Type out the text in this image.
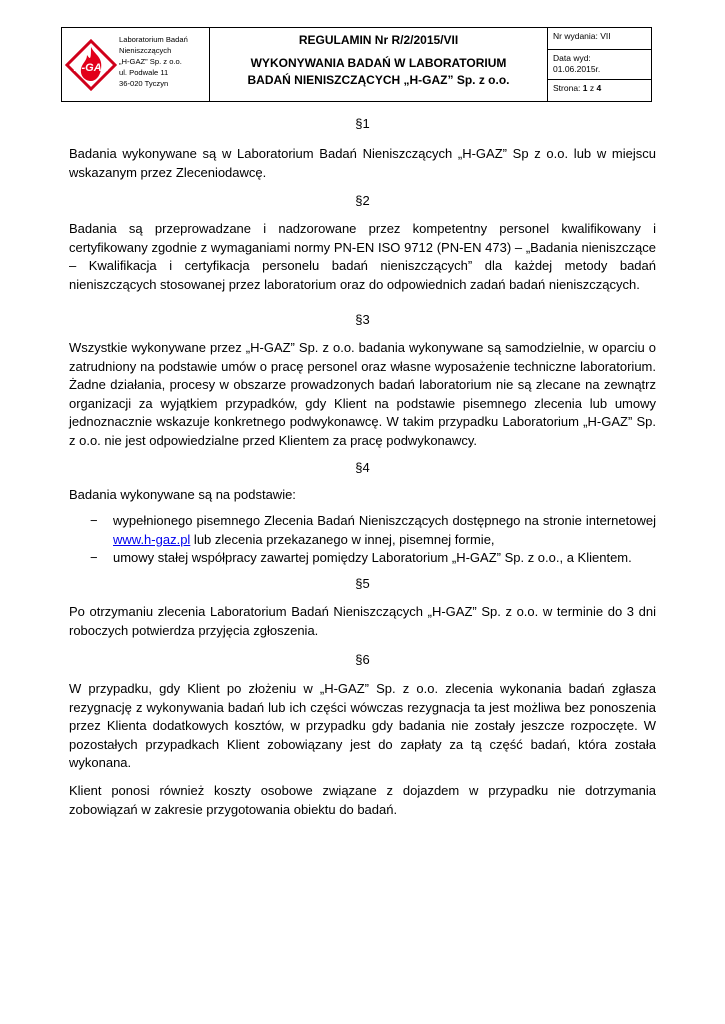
H-GAZ
Laboratorium Badań
Nieniszczących
„H-GAZ” Sp. z o.o.
ul. Podwale 11
36-020 Tyczyn
REGULAMIN Nr R/2/2015/VII
WYKONYWANIA BADAŃ W LABORATORIUM
BADAŃ NIENISZCZĄCYCH „H-GAZ” Sp. z o.o.
Nr wydania: VII
Data wyd:
01.06.2015r.
Strona: 1 z 4
§1

Badania wykonywane są w Laboratorium Badań Nieniszczących „H-GAZ” Sp z o.o. lub w miejscu wskazanym przez Zleceniodawcę.

§2

Badania są przeprowadzane i nadzorowane przez kompetentny personel kwalifikowany i certyfikowany zgodnie z wymaganiami normy PN-EN ISO 9712 (PN-EN 473) – „Badania nieniszczące – Kwalifikacja i certyfikacja personelu badań nieniszczących” dla każdej metody badań nieniszczących stosowanej przez laboratorium oraz do odpowiednich zadań badań nieniszczących.

§3

Wszystkie wykonywane przez „H-GAZ” Sp. z o.o. badania wykonywane są samodzielnie, w oparciu o zatrudniony na podstawie umów o pracę personel oraz własne wyposażenie techniczne laboratorium. Żadne działania, procesy w obszarze prowadzonych badań laboratorium nie są zlecane na zewnątrz organizacji za wyjątkiem przypadków, gdy Klient na podstawie pisemnego zlecenia lub umowy jednoznacznie wskazuje konkretnego podwykonawcę. W takim przypadku Laboratorium „H-GAZ” Sp. z o.o. nie jest odpowiedzialne przed Klientem za pracę podwykonawcy.

§4

Badania wykonywane są na podstawie:

− wypełnionego pisemnego Zlecenia Badań Nieniszczących dostępnego na stronie internetowej www.h-gaz.pl lub zlecenia przekazanego w innej, pisemnej formie,
− umowy stałej współpracy zawartej pomiędzy Laboratorium „H-GAZ” Sp. z o.o., a Klientem.
§5

Po otrzymaniu zlecenia Laboratorium Badań Nieniszczących „H-GAZ” Sp. z o.o. w terminie do 3 dni roboczych potwierdza przyjęcia zgłoszenia.

§6

W przypadku, gdy Klient po złożeniu w „H-GAZ” Sp. z o.o. zlecenia wykonania badań zgłasza rezygnację z wykonywania badań lub ich części wówczas rezygnacja ta jest możliwa bez ponoszenia przez Klienta dodatkowych kosztów, w przypadku gdy badania nie zostały jeszcze rozpoczęte. W pozostałych przypadkach Klient zobowiązany jest do zapłaty za tą część badań, która została wykonana.

Klient ponosi również koszty osobowe związane z dojazdem w przypadku nie dotrzymania zobowiązań w zakresie przygotowania obiektu do badań.
